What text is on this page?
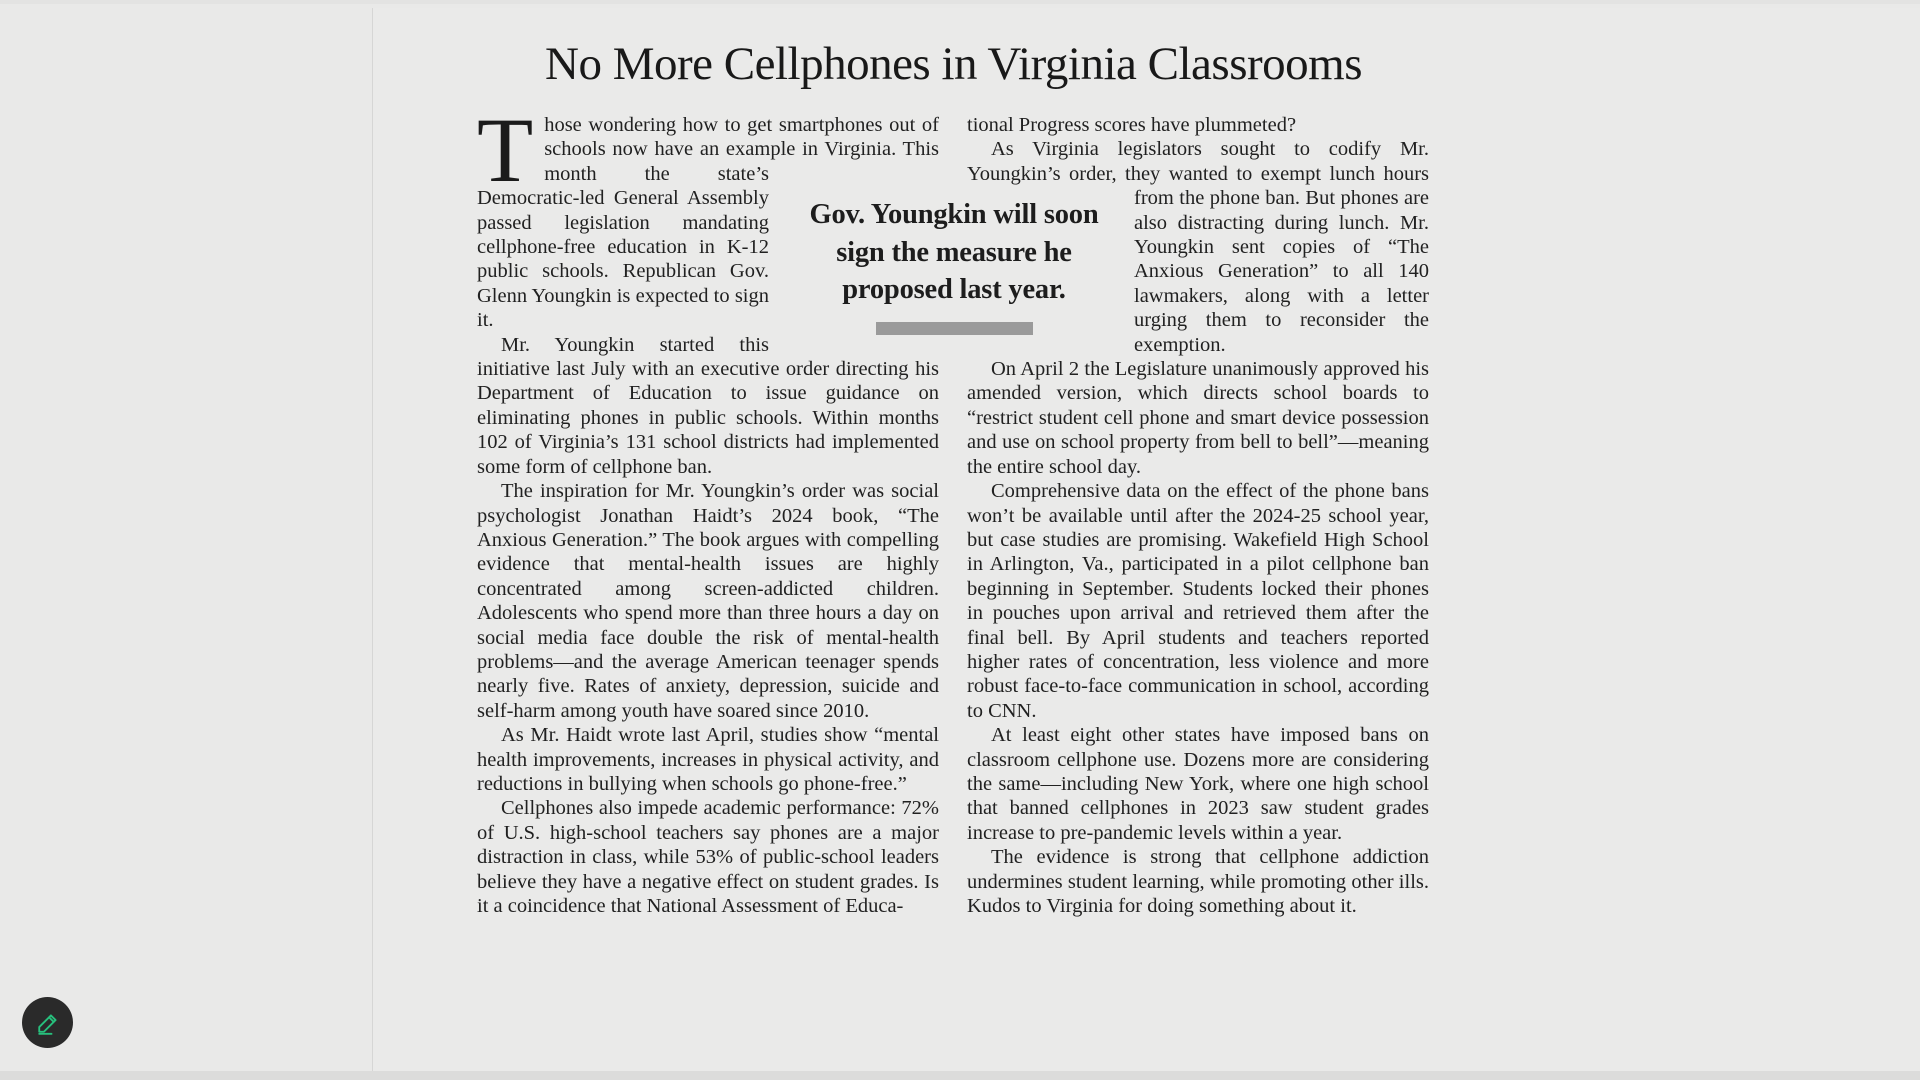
No More Cellphones in Virginia Classrooms
Gov. Youngkin will soon sign the measure he proposed last year.

Those wondering how to get smartphones out of schools now have an example in Virginia. This month the
state’s Democratic-led General Assembly passed legislation mandating cellphone-free education in K-12 public schools. Republican Gov. Glenn Youngkin is expected to sign it.

Mr. Youngkin started this initiative last July with an executive order directing his Department of Education to issue guidance on eliminating phones in public schools. Within months 102 of Virginia’s 131 school districts had implemented some form of cellphone ban.

The inspiration for Mr. Youngkin’s order was social psychologist Jonathan Haidt’s 2024 book, “The Anxious Generation.” The book argues with compelling evidence that mental-health issues are highly concentrated among screen-addicted children. Adolescents who spend more than three hours a day on social media face double the risk of mental-health problems—and the average American teenager spends nearly five. Rates of anxiety, depression, suicide and self-harm among youth have soared since 2010.

As Mr. Haidt wrote last April, studies show “mental health improvements, increases in physical activity, and reductions in bullying when schools go phone-free.”

Cellphones also impede academic performance: 72% of U.S. high-school teachers say phones are a major distraction in class, while 53% of public-school leaders believe they have a negative effect on student grades. Is it a coincidence that National Assessment of Educa-

tional Progress scores have plummeted?

As Virginia legislators sought to codify Mr. Youngkin’s order, they wanted to exempt lunch
hours from the phone ban. But phones are also distracting during lunch. Mr. Youngkin sent copies of “The Anxious Generation” to all 140 lawmakers, along with a letter urging them to reconsider the exemption.

On April 2 the Legislature unanimously approved his amended version, which directs school boards to “restrict student cell phone and smart device possession and use on school property from bell to bell”—meaning the entire school day.

Comprehensive data on the effect of the phone bans won’t be available until after the 2024-25 school year, but case studies are promising. Wakefield High School in Arlington, Va., participated in a pilot cellphone ban beginning in September. Students locked their phones in pouches upon arrival and retrieved them after the final bell. By April students and teachers reported higher rates of concentration, less violence and more robust face-to-face communication in school, according to CNN.

At least eight other states have imposed bans on classroom cellphone use. Dozens more are considering the same—including New York, where one high school that banned cellphones in 2023 saw student grades increase to pre-pandemic levels within a year.

The evidence is strong that cellphone addiction undermines student learning, while promoting other ills. Kudos to Virginia for doing something about it.
